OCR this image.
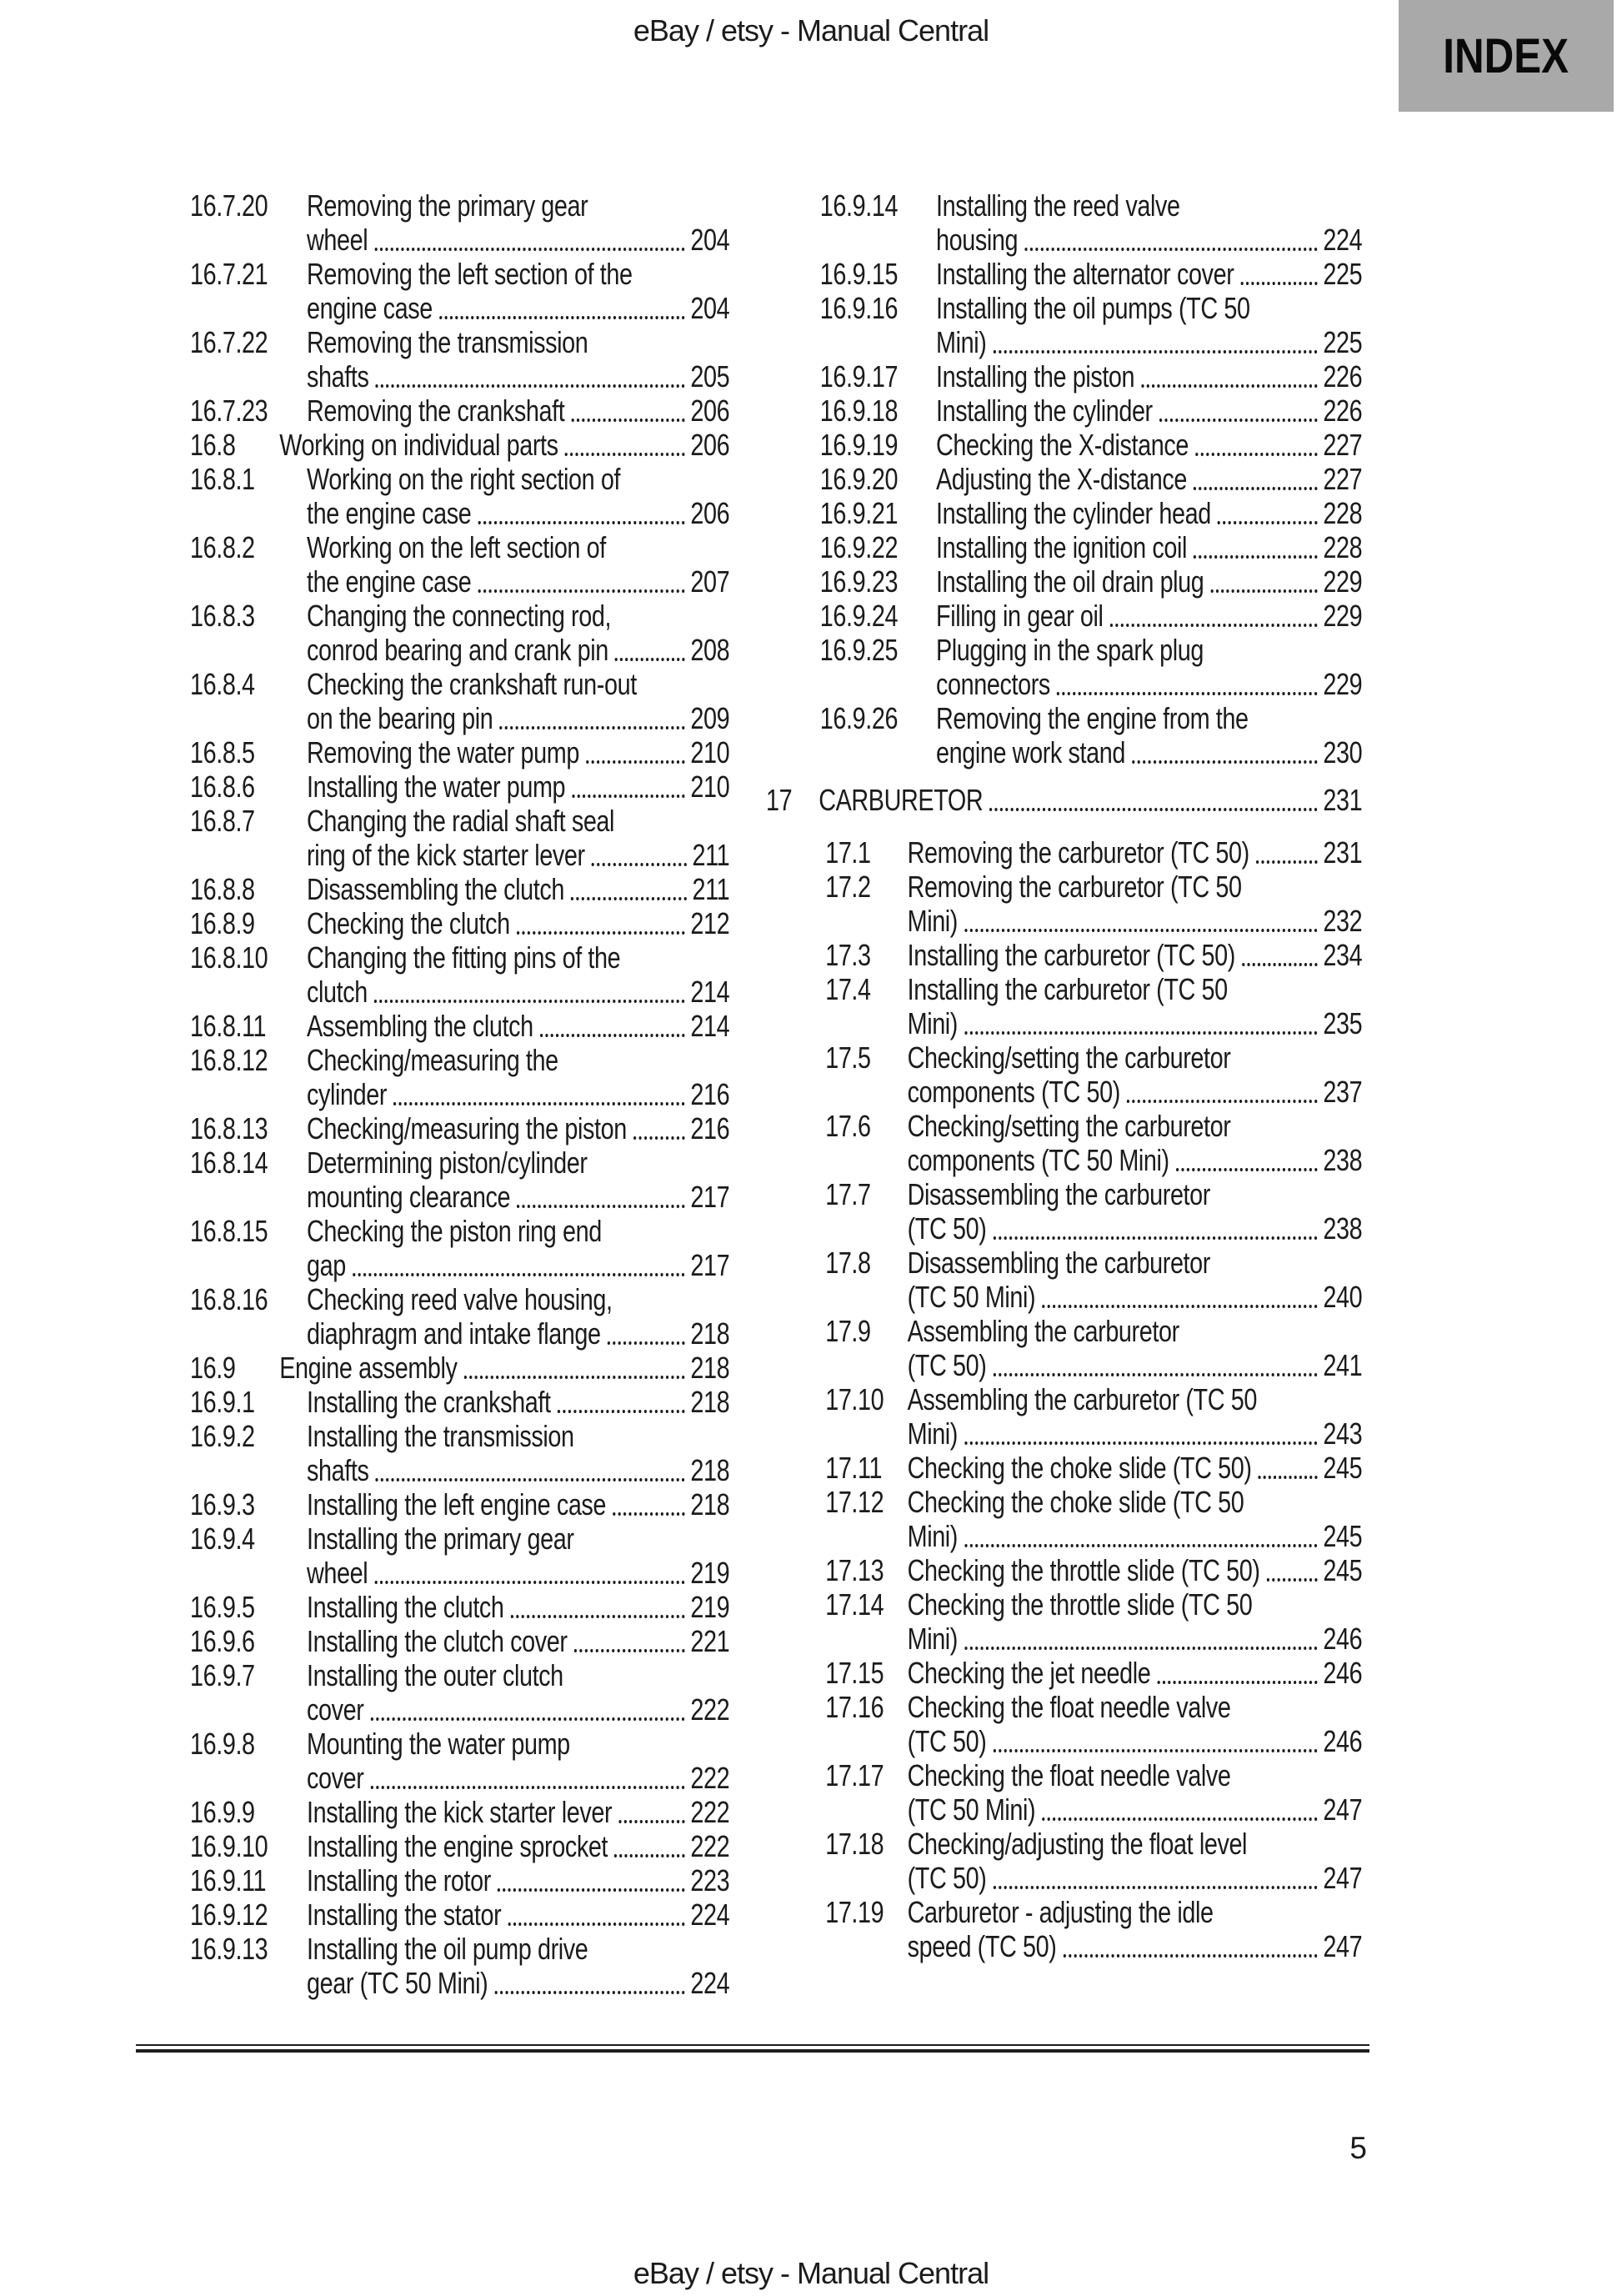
eBay / etsy - Manual Central	INDEX
16.7.20 Removing the primary gear
wheel	204
16.7.21 Removing the left section of the
engine case	204
16.7.22 Removing the transmission
shafts	205
16.7.23 Removing the crankshaft	206
16.8 Working on individual parts	206
16.8.1 Working on the right section of
the engine case	206
16.8.2 Working on the left section of
the engine case	207
16.8.3 Changing the connecting rod,
conrod bearing and crank pin	208
16.8.4 Checking the crankshaft run-out
on the bearing pin	209
16.8.5 Removing the water pump	210
16.8.6 Installing the water pump	210
16.8.7 Changing the radial shaft seal
ring of the kick starter lever	211
16.8.8 Disassembling the clutch	211
16.8.9 Checking the clutch	212
16.8.10 Changing the fitting pins of the
clutch	214
16.8.11 Assembling the clutch	214
16.8.12 Checking/measuring the
cylinder	216
16.8.13 Checking/measuring the piston 216
16.8.14 Determining piston/cylinder
mounting clearance	217
16.8.15 Checking the piston ring end
gap	217
16.8.16 Checking reed valve housing,
diaphragm and intake flange	218
16.9 Engine assembly	218
16.9.1 Installing the crankshaft	218
16.9.2 Installing the transmission
shafts	218
16.9.3 Installing the left engine case	218
16.9.4 Installing the primary gear
wheel	219
16.9.5 Installing the clutch	219
16.9.6 Installing the clutch cover	221
16.9.7 Installing the outer clutch
cover	222
16.9.8 Mounting the water pump
cover	222
16.9.9 Installing the kick starter lever	222
16.9.10 Installing the engine sprocket	222
16.9.11 Installing the rotor	223
16.9.12 Installing the stator	224
16.9.13 Installing the oil pump drive
gear (TC 50 Mini)	224
16.9.14 Installing the reed valve
housing	224
16.9.15 Installing the alternator cover	225
16.9.16 Installing the oil pumps (TC 50
Mini)	225
16.9.17 Installing the piston	226
16.9.18 Installing the cylinder	226
16.9.19 Checking the X-distance	227
16.9.20 Adjusting the X-distance	227
16.9.21 Installing the cylinder head	228
16.9.22 Installing the ignition coil	228
16.9.23 Installing the oil drain plug	229
16.9.24 Filling in gear oil	229
16.9.25 Plugging in the spark plug
connectors	229
16.9.26 Removing the engine from the
engine work stand	230
17 CARBURETOR	231
17.1 Removing the carburetor (TC 50) 231
17.2 Removing the carburetor (TC 50
Mini)	232
17.3 Installing the carburetor (TC 50)	234
17.4 Installing the carburetor (TC 50
Mini)	235
17.5 Checking/setting the carburetor
components (TC 50)	237
17.6 Checking/setting the carburetor
components (TC 50 Mini)	238
17.7 Disassembling the carburetor
(TC 50)	238
17.8 Disassembling the carburetor
(TC 50 Mini)	240
17.9 Assembling the carburetor
(TC 50)	241
17.10 Assembling the carburetor (TC 50
Mini)	243
17.11 Checking the choke slide (TC 50) 245
17.12 Checking the choke slide (TC 50
Mini)	245
17.13 Checking the throttle slide (TC 50) 245
17.14 Checking the throttle slide (TC 50
Mini)	246
17.15 Checking the jet needle	246
17.16 Checking the float needle valve
(TC 50)	246
17.17 Checking the float needle valve
(TC 50 Mini)	247
17.18 Checking/adjusting the float level
(TC 50)	247
17.19 Carburetor - adjusting the idle
speed (TC 50)	247
5
eBay / etsy - Manual Central
